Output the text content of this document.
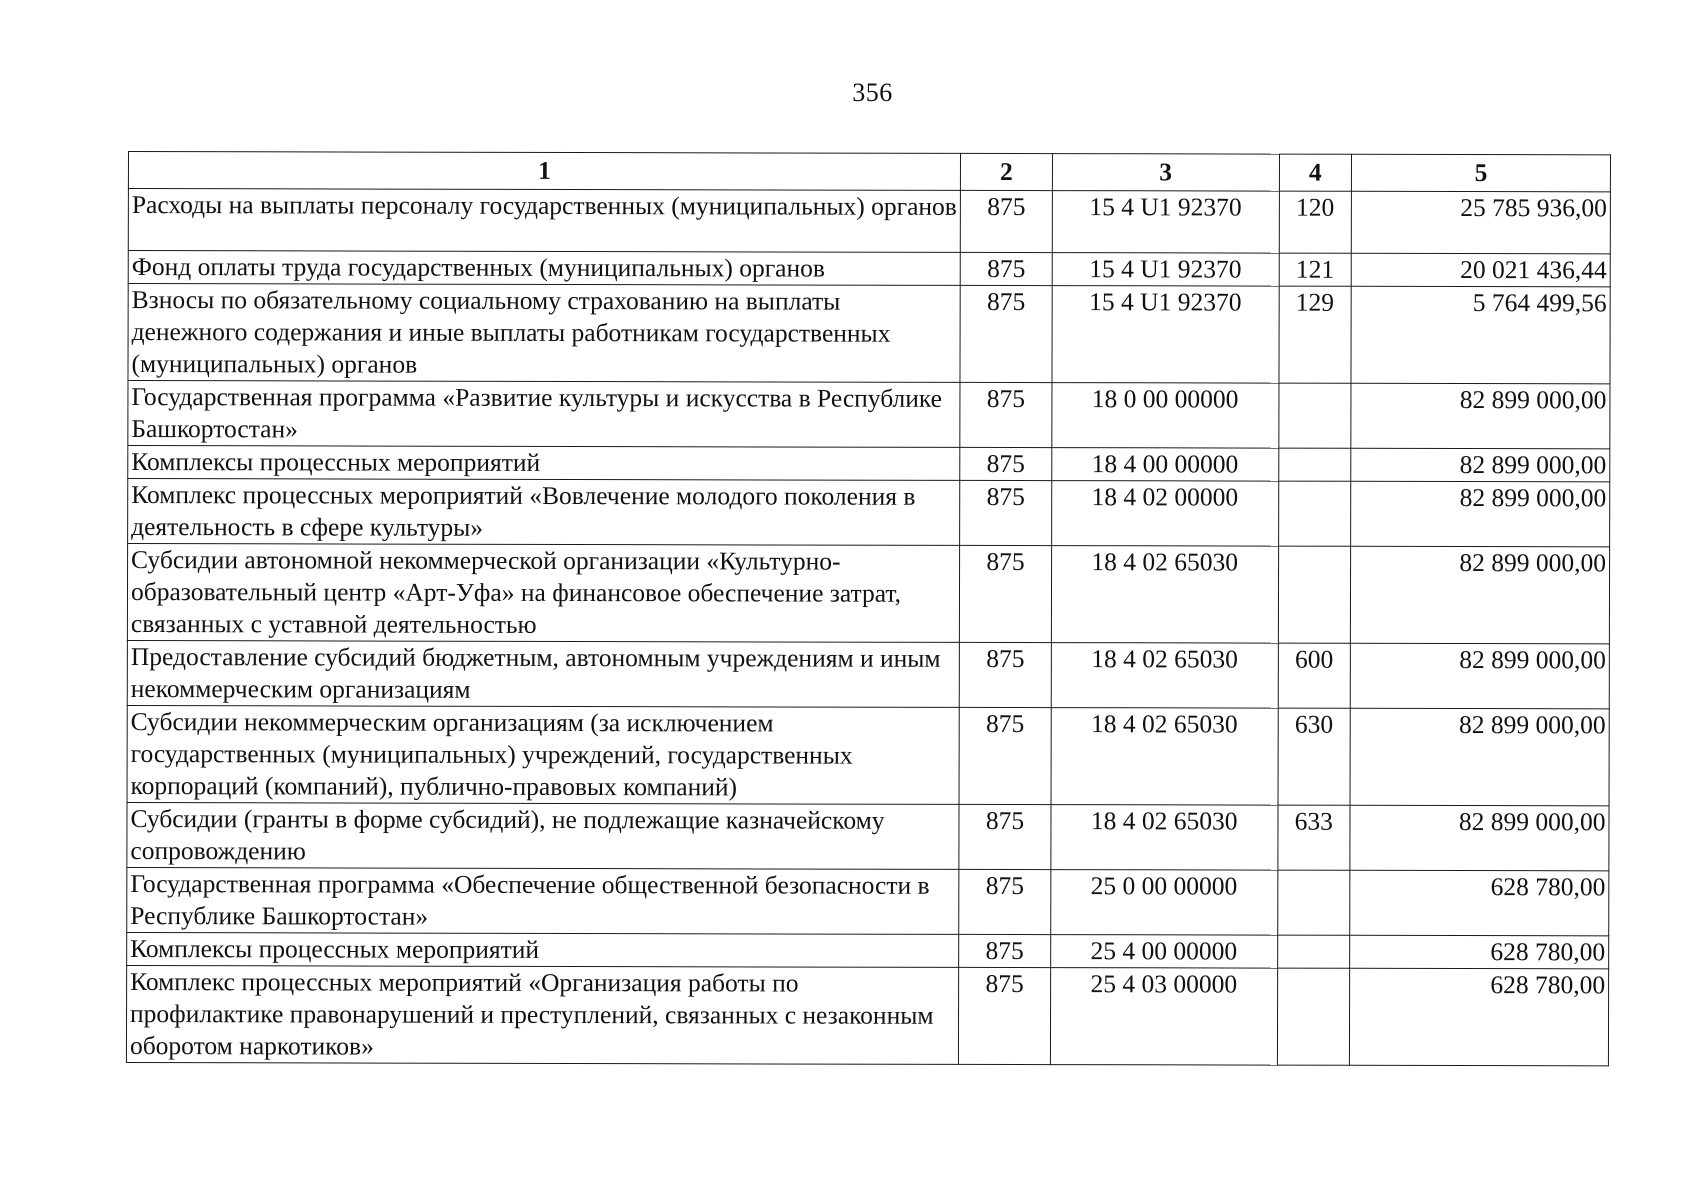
356
1	2	3	4	5
Расходы на выплаты персоналу государственных (муниципальных) органов	875	15 4 U1 92370	120	25 785 936,00
Фонд оплаты труда государственных (муниципальных) органов	875	15 4 U1 92370	121	20 021 436,44
Взносы по обязательному социальному страхованию на выплаты денежного содержания и иные выплаты работникам государственных (муниципальных) органов	875	15 4 U1 92370	129	5 764 499,56
Государственная программа «Развитие культуры и искусства в Республике Башкортостан»	875	18 0 00 00000		82 899 000,00
Комплексы процессных мероприятий	875	18 4 00 00000		82 899 000,00
Комплекс процессных мероприятий «Вовлечение молодого поколения в деятельность в сфере культуры»	875	18 4 02 00000		82 899 000,00
Субсидии автономной некоммерческой организации «Культурно-образовательный центр «Арт-Уфа» на финансовое обеспечение затрат, связанных с уставной деятельностью	875	18 4 02 65030		82 899 000,00
Предоставление субсидий бюджетным, автономным учреждениям и иным некоммерческим организациям	875	18 4 02 65030	600	82 899 000,00
Субсидии некоммерческим организациям (за исключением государственных (муниципальных) учреждений, государственных корпораций (компаний), публично-правовых компаний)	875	18 4 02 65030	630	82 899 000,00
Субсидии (гранты в форме субсидий), не подлежащие казначейскому сопровождению	875	18 4 02 65030	633	82 899 000,00
Государственная программа «Обеспечение общественной безопасности в Республике Башкортостан»	875	25 0 00 00000		628 780,00
Комплексы процессных мероприятий	875	25 4 00 00000		628 780,00
Комплекс процессных мероприятий «Организация работы по профилактике правонарушений и преступлений, связанных с незаконным оборотом наркотиков»	875	25 4 03 00000		628 780,00
